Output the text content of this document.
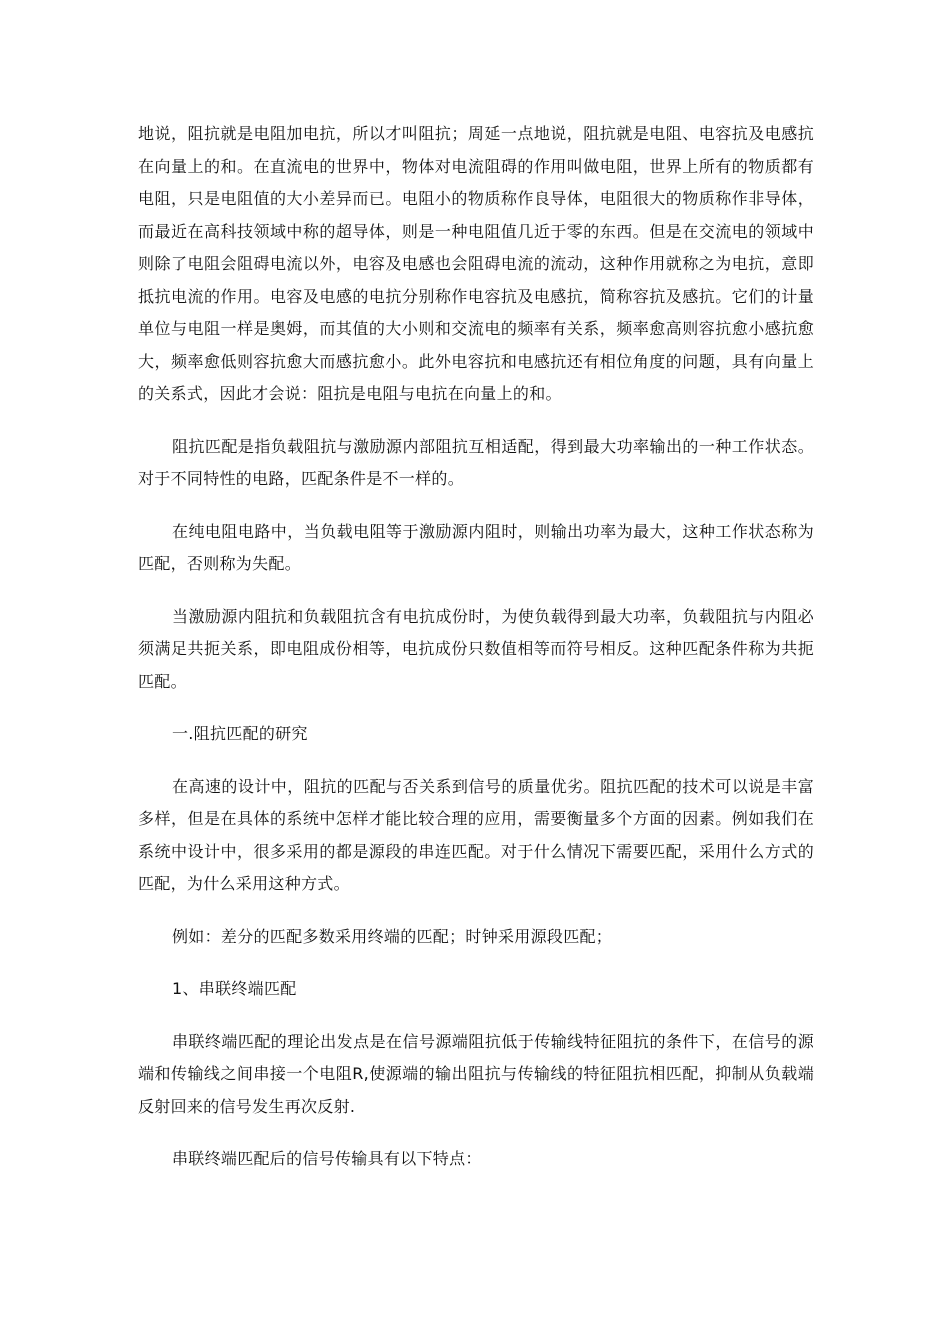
地说，阻抗就是电阻加电抗，所以才叫阻抗；周延一点地说，阻抗就是电阻、电容抗及电感抗在向量上的和。在直流电的世界中，物体对电流阻碍的作用叫做电阻，世界上所有的物质都有电阻，只是电阻值的大小差异而已。电阻小的物质称作良导体，电阻很大的物质称作非导体，而最近在高科技领域中称的超导体，则是一种电阻值几近于零的东西。但是在交流电的领域中则除了电阻会阻碍电流以外，电容及电感也会阻碍电流的流动，这种作用就称之为电抗，意即抵抗电流的作用。电容及电感的电抗分别称作电容抗及电感抗，简称容抗及感抗。它们的计量单位与电阻一样是奥姆，而其值的大小则和交流电的频率有关系，频率愈高则容抗愈小感抗愈大，频率愈低则容抗愈大而感抗愈小。此外电容抗和电感抗还有相位角度的问题，具有向量上的关系式，因此才会说：阻抗是电阻与电抗在向量上的和。

阻抗匹配是指负载阻抗与激励源内部阻抗互相适配，得到最大功率输出的一种工作状态。对于不同特性的电路，匹配条件是不一样的。

在纯电阻电路中，当负载电阻等于激励源内阻时，则输出功率为最大，这种工作状态称为匹配，否则称为失配。

当激励源内阻抗和负载阻抗含有电抗成份时，为使负载得到最大功率，负载阻抗与内阻必须满足共扼关系，即电阻成份相等，电抗成份只数值相等而符号相反。这种匹配条件称为共扼匹配。

一.阻抗匹配的研究

在高速的设计中，阻抗的匹配与否关系到信号的质量优劣。阻抗匹配的技术可以说是丰富多样，但是在具体的系统中怎样才能比较合理的应用，需要衡量多个方面的因素。例如我们在系统中设计中，很多采用的都是源段的串连匹配。对于什么情况下需要匹配，采用什么方式的匹配，为什么采用这种方式。

例如：差分的匹配多数采用终端的匹配；时钟采用源段匹配；

1、串联终端匹配

串联终端匹配的理论出发点是在信号源端阻抗低于传输线特征阻抗的条件下，在信号的源端和传输线之间串接一个电阻R,使源端的输出阻抗与传输线的特征阻抗相匹配，抑制从负载端反射回来的信号发生再次反射.

串联终端匹配后的信号传输具有以下特点：
